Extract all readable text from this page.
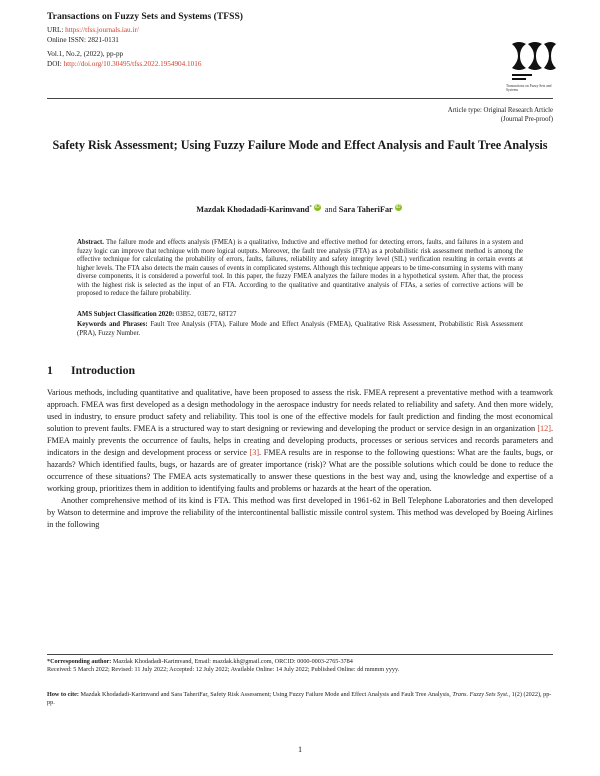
Transactions on Fuzzy Sets and Systems (TFSS)
URL: https://tfss.journals.iau.ir/
Online ISSN: 2821-0131
Vol.1, No.2, (2022), pp-pp
DOI: http://doi.org/10.30495/tfss.2022.1954904.1016
Transactions on Fuzzy Sets and Systems
Article type: Original Research Article
(Journal Pre-proof)
Safety Risk Assessment; Using Fuzzy Failure Mode and Effect Analysis and Fault Tree Analysis
Mazdak Khodadadi-Karimvand* iD and Sara TaheriFar iD
Abstract. The failure mode and effects analysis (FMEA) is a qualitative, Inductive and effective method for detecting errors, faults, and failures in a system and fuzzy logic can improve that technique with more logical outputs. Moreover, the fault tree analysis (FTA) as a probabilistic risk assessment method is among the effective technique for calculating the probability of errors, faults, failures, reliability and safety integrity level (SIL) verification resulting in certain events at higher levels. The FTA also detects the main causes of events in complicated systems. Although this technique appears to be time-consuming in systems with many diverse components, it is considered a powerful tool. In this paper, the fuzzy FMEA analyzes the failure modes in a hypothetical system. After that, the process with the highest risk is selected as the input of an FTA. According to the qualitative and quantitative analysis of FTAs, a series of corrective actions will be proposed to reduce the failure probability.
AMS Subject Classification 2020: 03B52, 03E72, 68T27
Keywords and Phrases: Fault Tree Analysis (FTA), Failure Mode and Effect Analysis (FMEA), Qualitative Risk Assessment, Probabilistic Risk Assessment (PRA), Fuzzy Number.
1 Introduction

Various methods, including quantitative and qualitative, have been proposed to assess the risk. FMEA represent a preventative method with a teamwork approach. FMEA was first developed as a design methodology in the aerospace industry for needs related to reliability and safety. And then more widely, used in industry, to ensure product safety and reliability. This tool is one of the effective models for fault prediction and finding the most economical solution to prevent faults. FMEA is a structured way to start designing or reviewing and developing the product or service design in an organization [12]. FMEA mainly prevents the occurrence of faults, helps in creating and developing products, processes or serious services and records parameters and indicators in the design and development process or service [3]. FMEA results are in response to the following questions: What are the faults, bugs, or hazards? Which identified faults, bugs, or hazards are of greater importance (risk)? What are the possible solutions which could be done to reduce the occurrence of these situations? The FMEA acts systematically to answer these questions in the best way and, using the knowledge and expertise of a working group, prioritizes them in addition to identifying faults and problems or hazards at the heart of the operation.

Another comprehensive method of its kind is FTA. This method was first developed in 1961-62 in Bell Telephone Laboratories and then developed by Watson to determine and improve the reliability of the intercontinental ballistic missile control system. This method was developed by Boeing Airlines in the following

*Corresponding author: Mazdak Khodadadi-Karimvand, Email: mazdak.kh@gmail.com, ORCID: 0000-0003-2765-3784
Received: 5 March 2022; Revised: 11 July 2022; Accepted: 12 July 2022; Available Online: 14 July 2022; Published Online: dd mmmm yyyy.
How to cite: Mazdak Khodadadi-Karimvand and Sara TaheriFar, Safety Risk Assessment; Using Fuzzy Failure Mode and Effect Analysis and Fault Tree Analysis, Trans. Fuzzy Sets Syst., 1(2) (2022), pp-pp.
1
